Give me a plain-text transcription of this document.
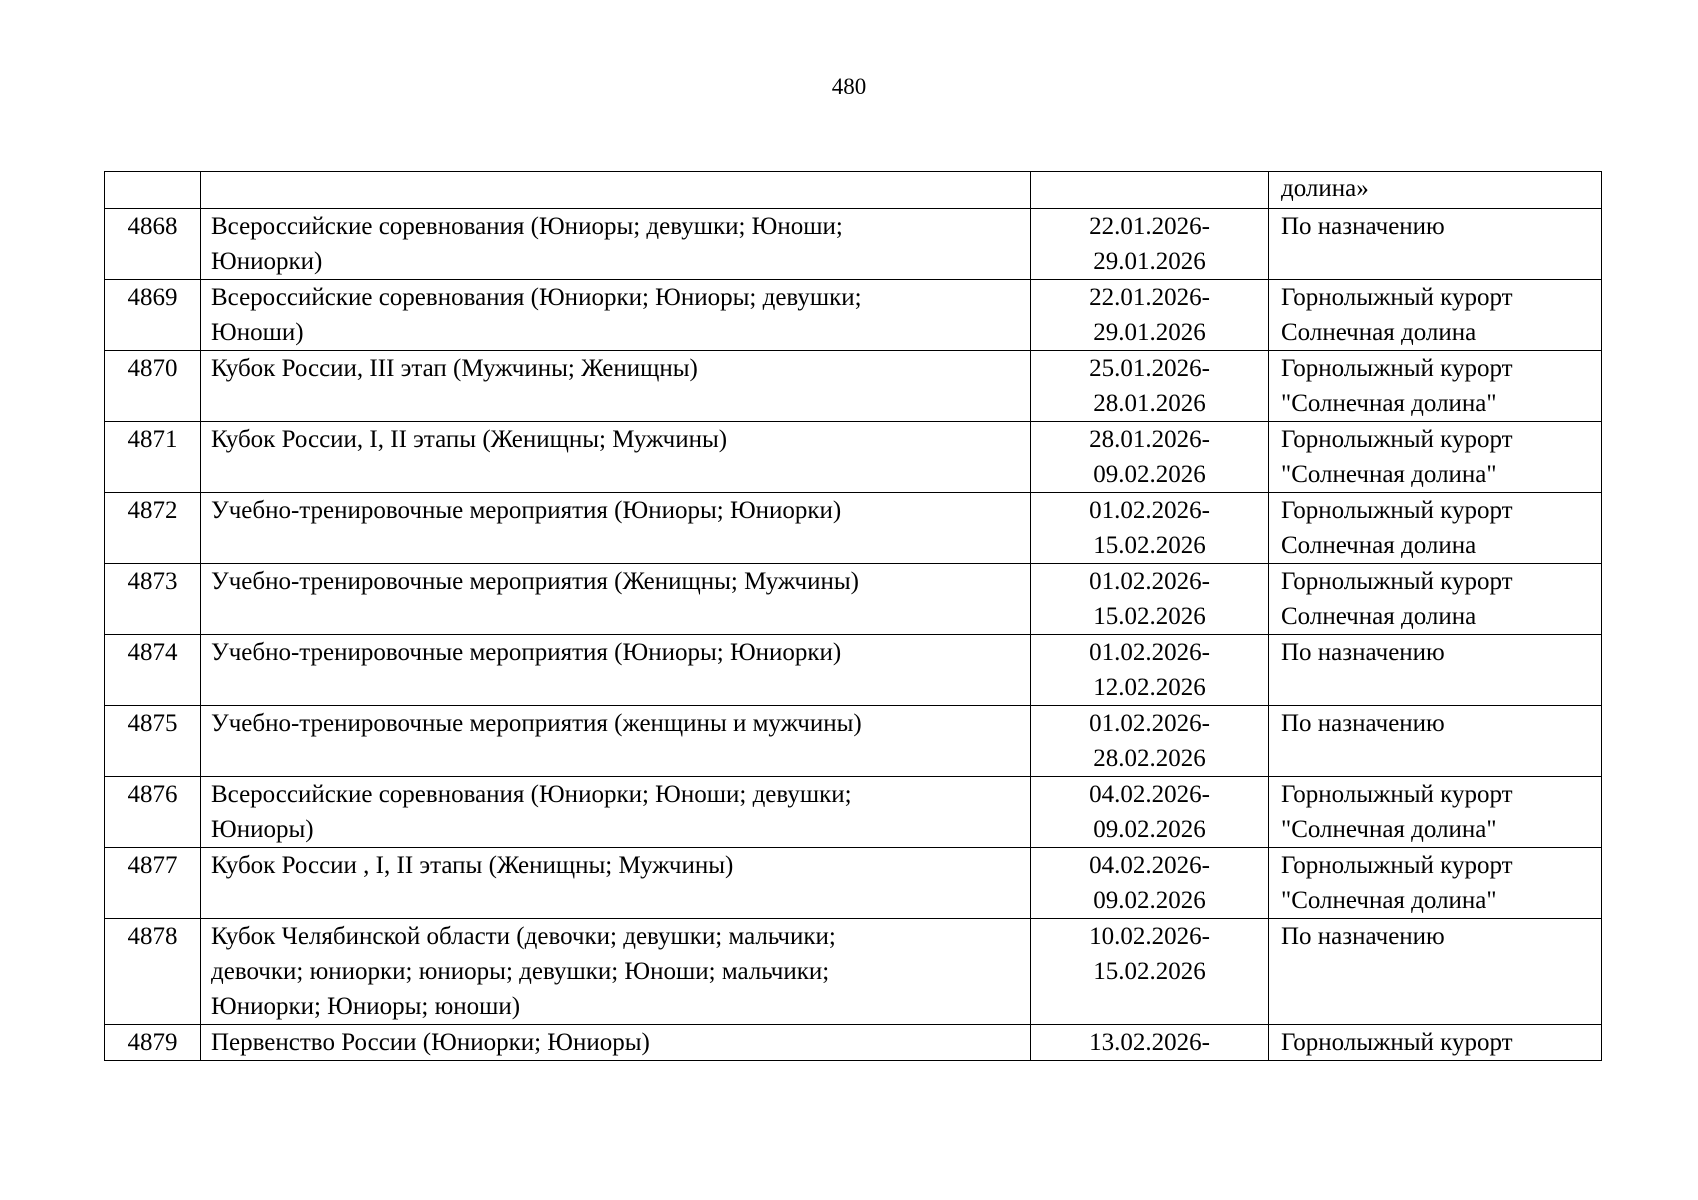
480
			долина»
4868	Всероссийские соревнования (Юниоры; девушки; Юноши;
Юниорки)	22.01.2026-
29.01.2026	По назначению

4869	Всероссийские соревнования (Юниорки; Юниоры; девушки;
Юноши)	22.01.2026-
29.01.2026	Горнолыжный курорт
Солнечная долина

4870	Кубок России, III этап (Мужчины; Женищны)	25.01.2026-
28.01.2026	Горнолыжный курорт
"Солнечная долина"

4871	Кубок России, I, II этапы (Женищны; Мужчины)	28.01.2026-
09.02.2026	Горнолыжный курорт
"Солнечная долина"

4872	Учебно-тренировочные мероприятия (Юниоры; Юниорки)	01.02.2026-
15.02.2026	Горнолыжный курорт
Солнечная долина

4873	Учебно-тренировочные мероприятия (Женищны; Мужчины)	01.02.2026-
15.02.2026	Горнолыжный курорт
Солнечная долина

4874	Учебно-тренировочные мероприятия (Юниоры; Юниорки)	01.02.2026-
12.02.2026	По назначению

4875	Учебно-тренировочные мероприятия (женщины и мужчины)	01.02.2026-
28.02.2026	По назначению

4876	Всероссийские соревнования (Юниорки; Юноши; девушки;
Юниоры)	04.02.2026-
09.02.2026	Горнолыжный курорт
"Солнечная долина"

4877	Кубок России , I, II этапы (Женищны; Мужчины)	04.02.2026-
09.02.2026	Горнолыжный курорт
"Солнечная долина"

4878	Кубок Челябинской области (девочки; девушки; мальчики;
девочки; юниорки; юниоры; девушки; Юноши; мальчики;
Юниорки; Юниоры; юноши)	10.02.2026-
15.02.2026	По назначению

4879	Первенство России (Юниорки; Юниоры)	13.02.2026-	Горнолыжный курорт
